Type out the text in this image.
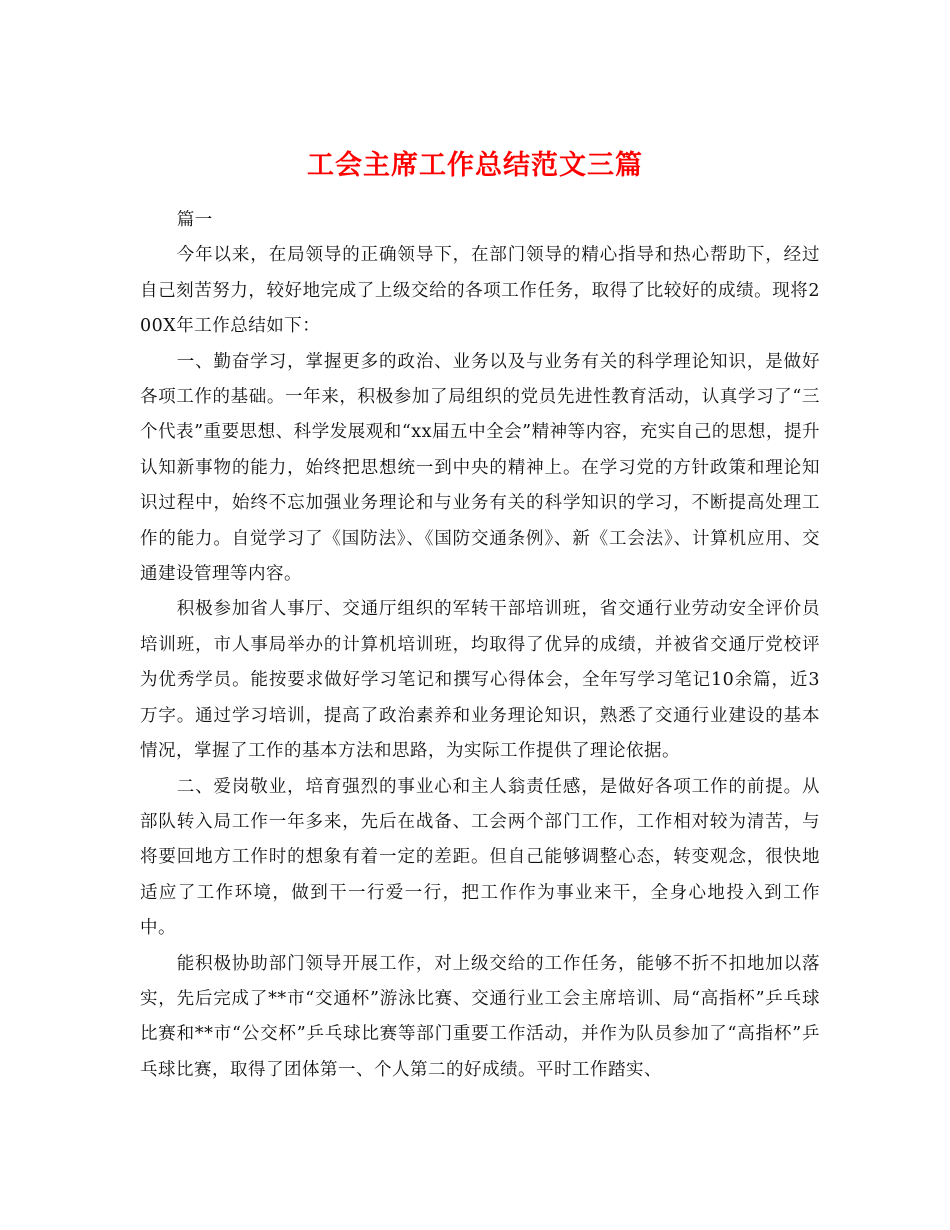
工会主席工作总结范文三篇

篇一

今年以来，在局领导的正确领导下，在部门领导的精心指导和热心帮助下，经过自己刻苦努力，较好地完成了上级交给的各项工作任务，取得了比较好的成绩。现将200X年工作总结如下：

一、勤奋学习，掌握更多的政治、业务以及与业务有关的科学理论知识，是做好各项工作的基础。一年来，积极参加了局组织的党员先进性教育活动，认真学习了“三个代表”重要思想、科学发展观和“xx届五中全会”精神等内容，充实自己的思想，提升认知新事物的能力，始终把思想统一到中央的精神上。在学习党的方针政策和理论知识过程中，始终不忘加强业务理论和与业务有关的科学知识的学习，不断提高处理工作的能力。自觉学习了《国防法》、《国防交通条例》、新《工会法》、计算机应用、交通建设管理等内容。

积极参加省人事厅、交通厅组织的军转干部培训班，省交通行业劳动安全评价员培训班，市人事局举办的计算机培训班，均取得了优异的成绩，并被省交通厅党校评为优秀学员。能按要求做好学习笔记和撰写心得体会，全年写学习笔记10余篇，近3万字。通过学习培训，提高了政治素养和业务理论知识，熟悉了交通行业建设的基本情况，掌握了工作的基本方法和思路，为实际工作提供了理论依据。

二、爱岗敬业，培育强烈的事业心和主人翁责任感，是做好各项工作的前提。从部队转入局工作一年多来，先后在战备、工会两个部门工作，工作相对较为清苦，与将要回地方工作时的想象有着一定的差距。但自己能够调整心态，转变观念，很快地适应了工作环境，做到干一行爱一行，把工作作为事业来干，全身心地投入到工作中。

能积极协助部门领导开展工作，对上级交给的工作任务，能够不折不扣地加以落实，先后完成了**市“交通杯”游泳比赛、交通行业工会主席培训、局“高指杯”乒乓球比赛和**市“公交杯”乒乓球比赛等部门重要工作活动，并作为队员参加了“高指杯”乒乓球比赛，取得了团体第一、个人第二的好成绩。平时工作踏实、
